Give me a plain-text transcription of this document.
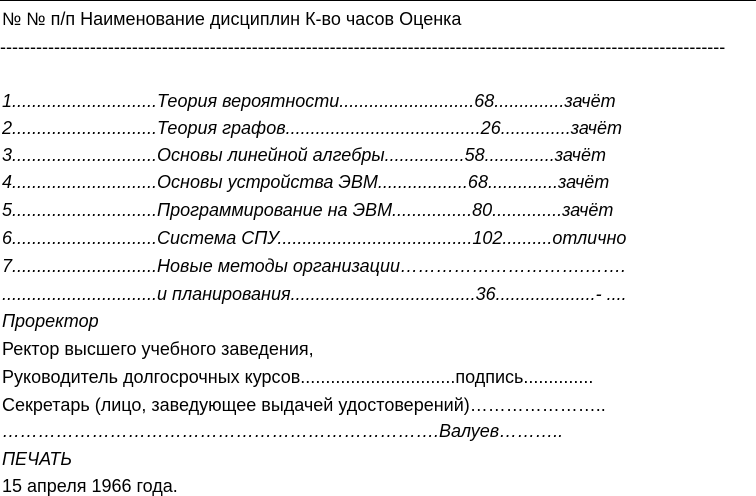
№ № п/п Наименование дисциплин К-во часов Оценка
-------------------------------------------------------------------------------------------------------------------------
1.............................Теория вероятности...........................68..............зачёт
2.............................Теория графов.......................................26..............зачёт
3.............................Основы линейной алгебры................58..............зачёт
4.............................Основы устройства ЭВМ..................68..............зачёт
5.............................Программирование на ЭВМ................80..............зачёт
6.............................Система СПУ.......................................102..........отлично
7.............................Новые методы организации………………………….…….
...............................и планирования.....................................36....................- ....
Проректор
Ректор высшего учебного заведения,
Руководитель долгосрочных курсов...............................подпись..............
Секретарь (лицо, заведующее выдачей удостоверений)…………………..
……………………………………………………………….Валуев………..
ПЕЧАТЬ
15 апреля 1966 года.
